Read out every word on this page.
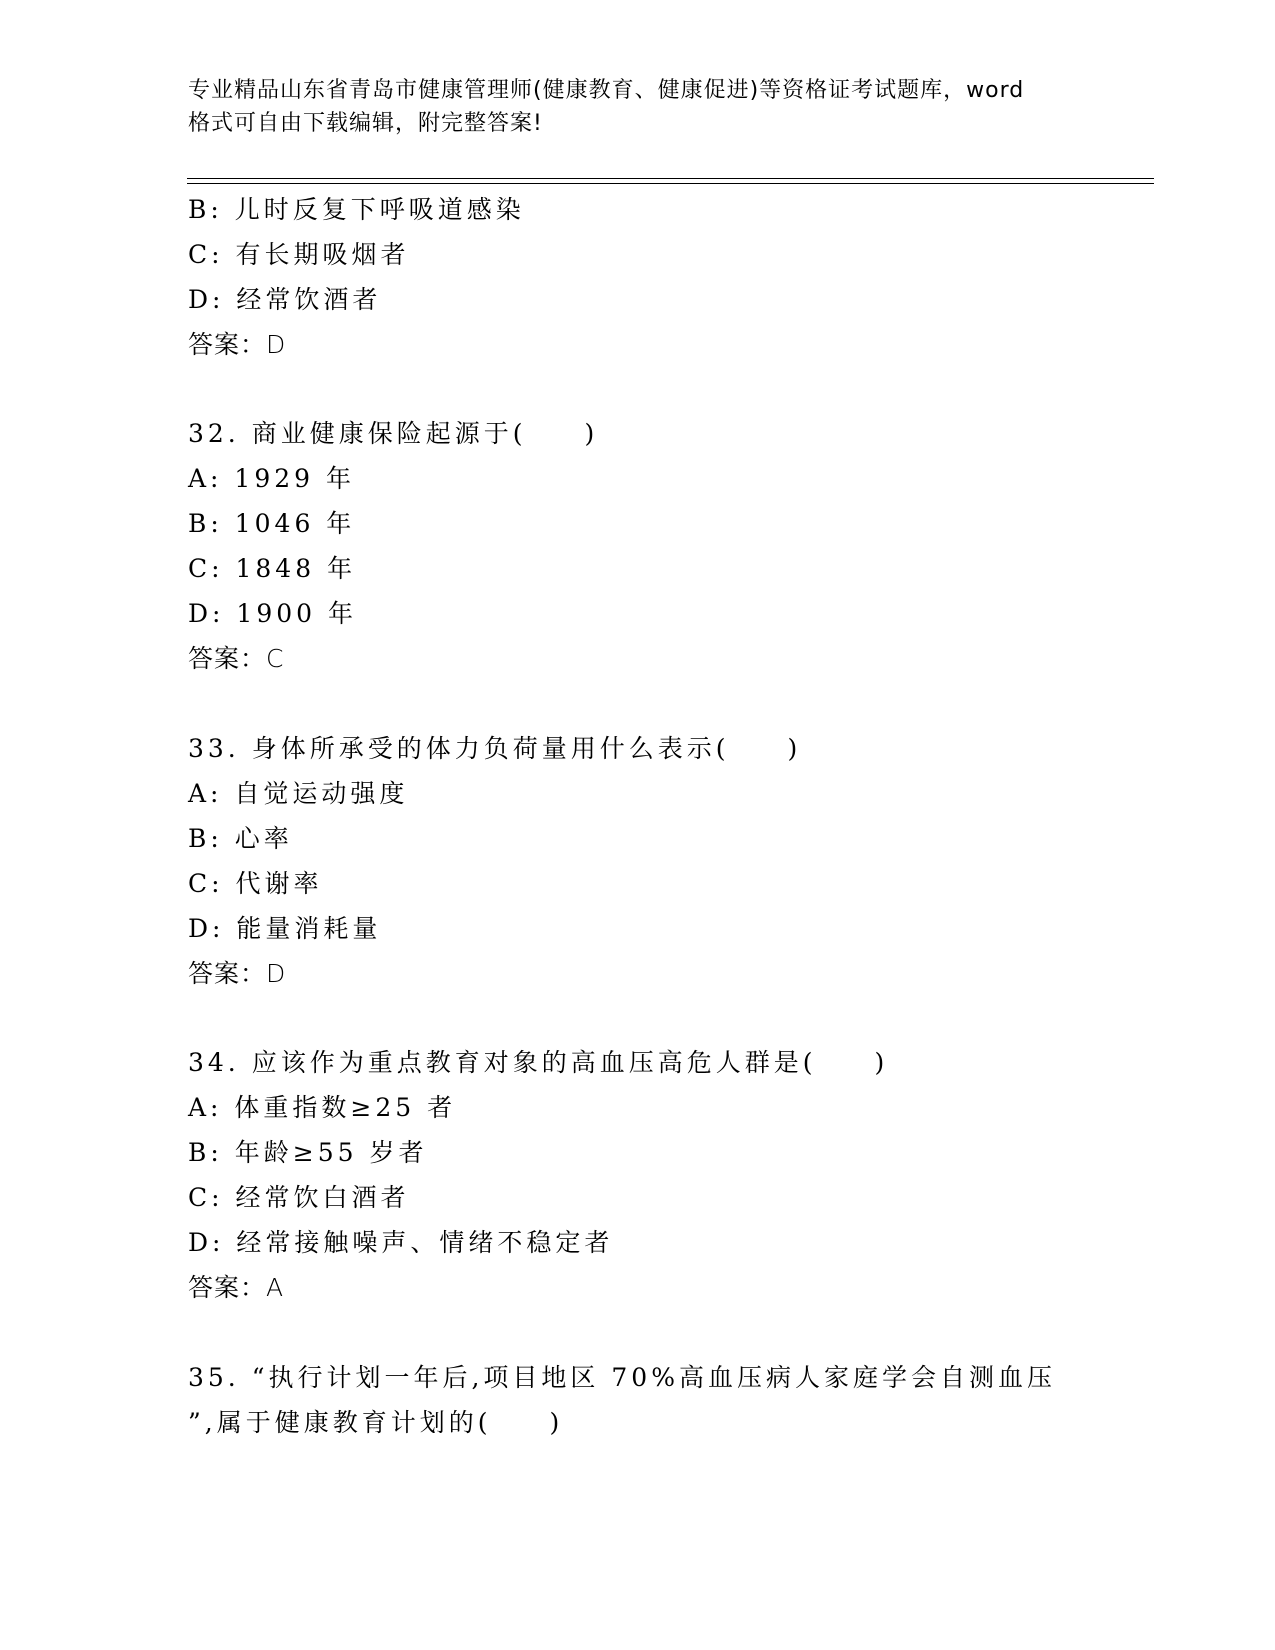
专业精品山东省青岛市健康管理师(健康教育、健康促进)等资格证考试题库，word
格式可自由下载编辑，附完整答案!
B: 儿时反复下呼吸道感染
C: 有长期吸烟者
D: 经常饮酒者
答案：D
32. 商业健康保险起源于(　　)
A: 1929 年
B: 1046 年
C: 1848 年
D: 1900 年
答案：C
33. 身体所承受的体力负荷量用什么表示(　　)
A: 自觉运动强度
B: 心率
C: 代谢率
D: 能量消耗量
答案：D
34. 应该作为重点教育对象的高血压高危人群是(　　)
A: 体重指数≥25 者
B: 年龄≥55 岁者
C: 经常饮白酒者
D: 经常接触噪声、情绪不稳定者
答案：A
35. “执行计划一年后,项目地区 70%高血压病人家庭学会自测血压
”,属于健康教育计划的(　　)
